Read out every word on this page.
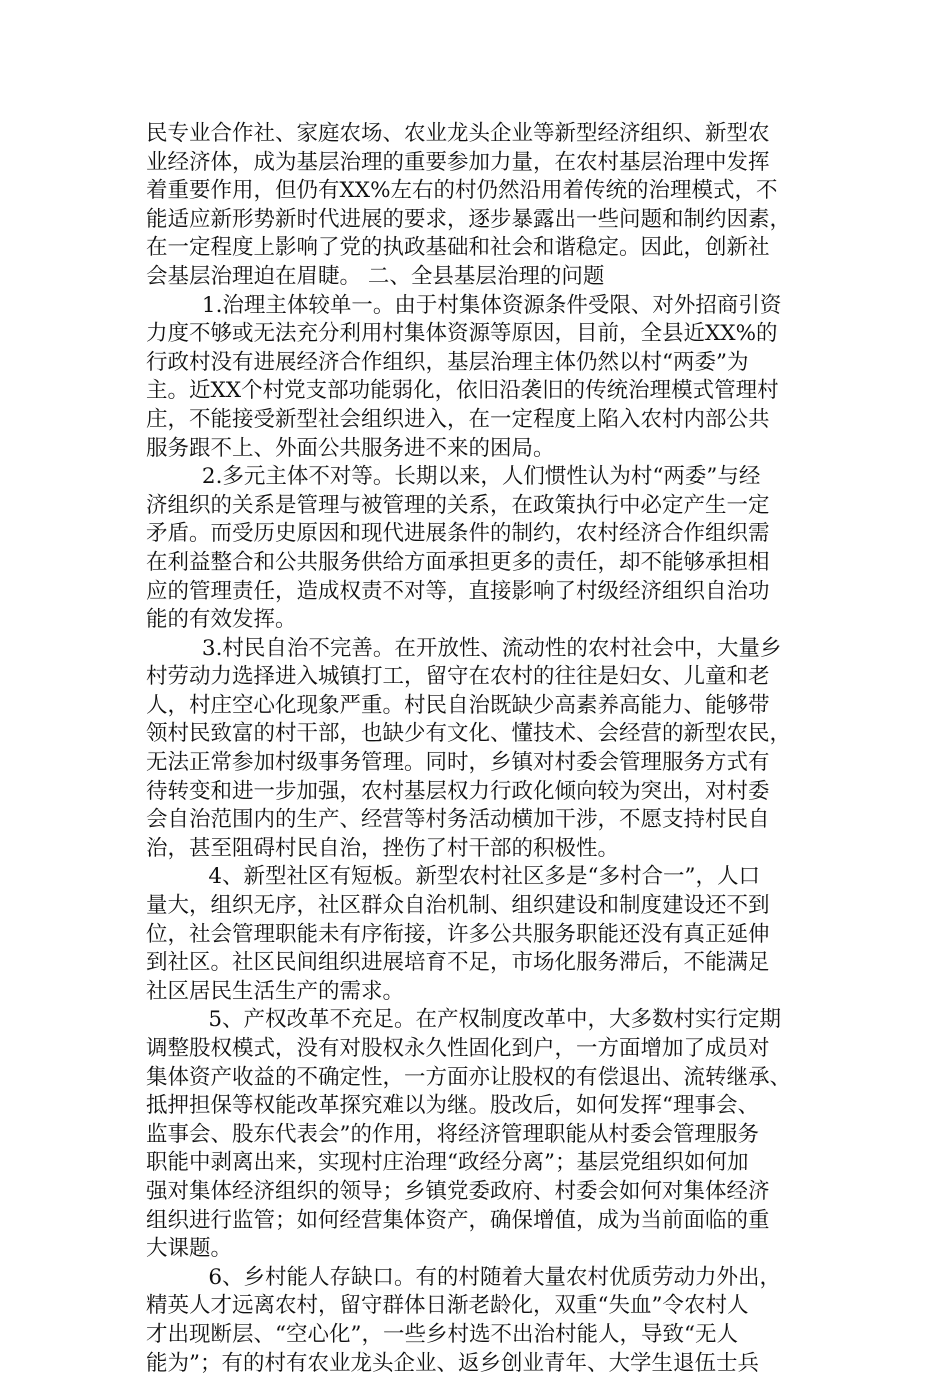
民专业合作社、家庭农场、农业龙头企业等新型经济组织、新型农
业经济体，成为基层治理的重要参加力量，在农村基层治理中发挥
着重要作用，但仍有XX%左右的村仍然沿用着传统的治理模式，不
能适应新形势新时代进展的要求，逐步暴露出一些问题和制约因素，
在一定程度上影响了党的执政基础和社会和谐稳定。因此，创新社
会基层治理迫在眉睫。 二、全县基层治理的问题

1.治理主体较单一。由于村集体资源条件受限、对外招商引资
力度不够或无法充分利用村集体资源等原因，目前，全县近XX%的
行政村没有进展经济合作组织，基层治理主体仍然以村“两委”为
主。近XX个村党支部功能弱化，依旧沿袭旧的传统治理模式管理村
庄，不能接受新型社会组织进入，在一定程度上陷入农村内部公共
服务跟不上、外面公共服务进不来的困局。

2.多元主体不对等。长期以来，人们惯性认为村“两委”与经
济组织的关系是管理与被管理的关系，在政策执行中必定产生一定
矛盾。而受历史原因和现代进展条件的制约，农村经济合作组织需
在利益整合和公共服务供给方面承担更多的责任，却不能够承担相
应的管理责任，造成权责不对等，直接影响了村级经济组织自治功
能的有效发挥。

3.村民自治不完善。在开放性、流动性的农村社会中，大量乡
村劳动力选择进入城镇打工，留守在农村的往往是妇女、儿童和老
人，村庄空心化现象严重。村民自治既缺少高素养高能力、能够带
领村民致富的村干部，也缺少有文化、懂技术、会经营的新型农民，
无法正常参加村级事务管理。同时，乡镇对村委会管理服务方式有
待转变和进一步加强，农村基层权力行政化倾向较为突出，对村委
会自治范围内的生产、经营等村务活动横加干涉，不愿支持村民自
治，甚至阻碍村民自治，挫伤了村干部的积极性。

4、新型社区有短板。新型农村社区多是“多村合一”，人口
量大，组织无序，社区群众自治机制、组织建设和制度建设还不到
位，社会管理职能未有序衔接，许多公共服务职能还没有真正延伸
到社区。社区民间组织进展培育不足，市场化服务滞后，不能满足
社区居民生活生产的需求。

5、产权改革不充足。在产权制度改革中，大多数村实行定期
调整股权模式，没有对股权永久性固化到户，一方面增加了成员对
集体资产收益的不确定性，一方面亦让股权的有偿退出、流转继承、
抵押担保等权能改革探究难以为继。股改后，如何发挥“理事会、
监事会、股东代表会”的作用，将经济管理职能从村委会管理服务
职能中剥离出来，实现村庄治理“政经分离”；基层党组织如何加
强对集体经济组织的领导；乡镇党委政府、村委会如何对集体经济
组织进行监管；如何经营集体资产，确保增值，成为当前面临的重
大课题。

6、乡村能人存缺口。有的村随着大量农村优质劳动力外出，
精英人才远离农村，留守群体日渐老龄化，双重“失血”令农村人
才出现断层、“空心化”，一些乡村选不出治村能人，导致“无人
能为”；有的村有农业龙头企业、返乡创业青年、大学生退伍士兵
